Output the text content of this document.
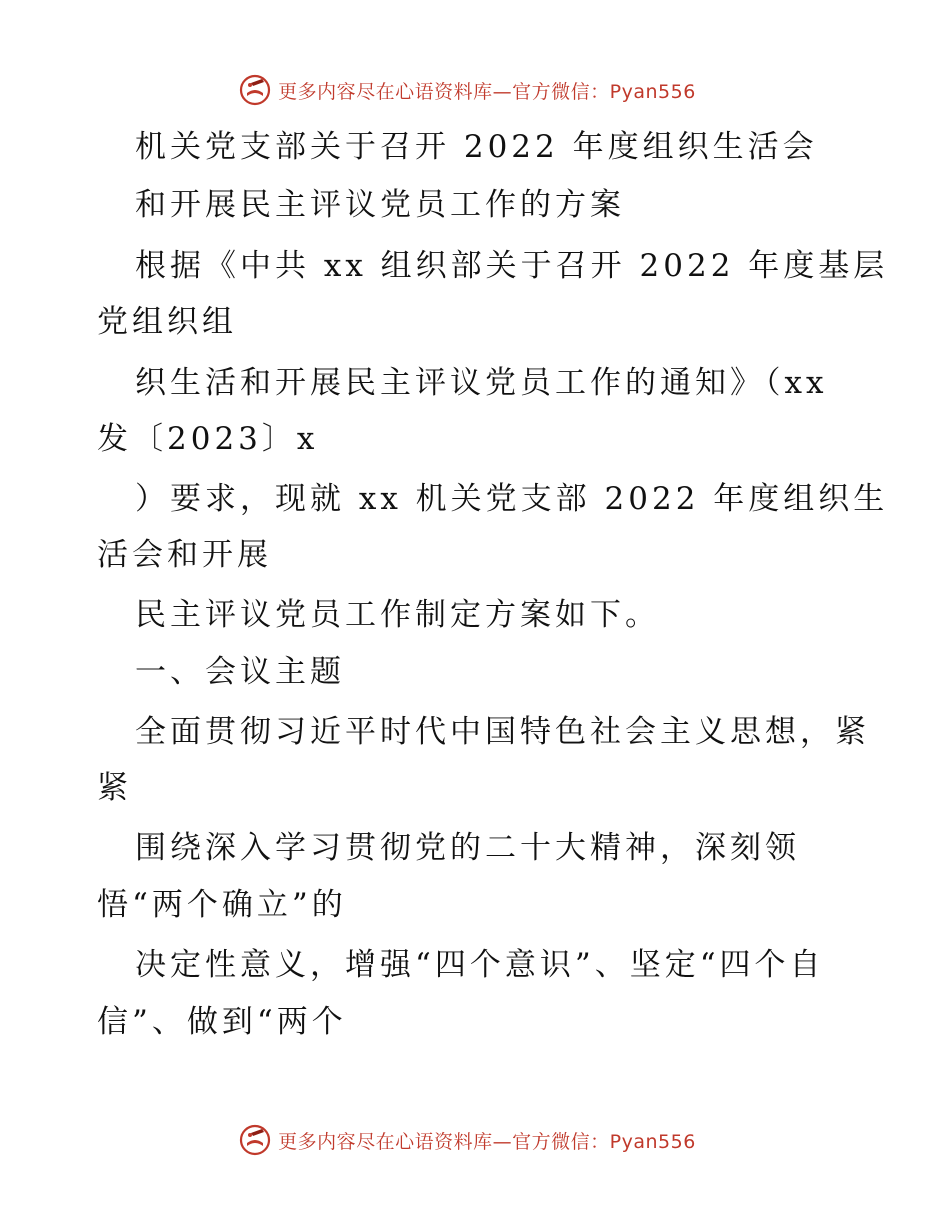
更多内容尽在心语资料库—官方微信：Pyan556
机关党支部关于召开 2022 年度组织生活会
和开展民主评议党员工作的方案
根据《中共 xx 组织部关于召开 2022 年度基层
党组织组
织生活和开展民主评议党员工作的通知》（xx
发〔2023〕x
）要求，现就 xx 机关党支部 2022 年度组织生
活会和开展
民主评议党员工作制定方案如下。
一、会议主题
全面贯彻习近平时代中国特色社会主义思想，紧
紧
围绕深入学习贯彻党的二十大精神，深刻领
悟“两个确立”的
决定性意义，增强“四个意识”、坚定“四个自
信”、做到“两个
更多内容尽在心语资料库—官方微信：Pyan556
